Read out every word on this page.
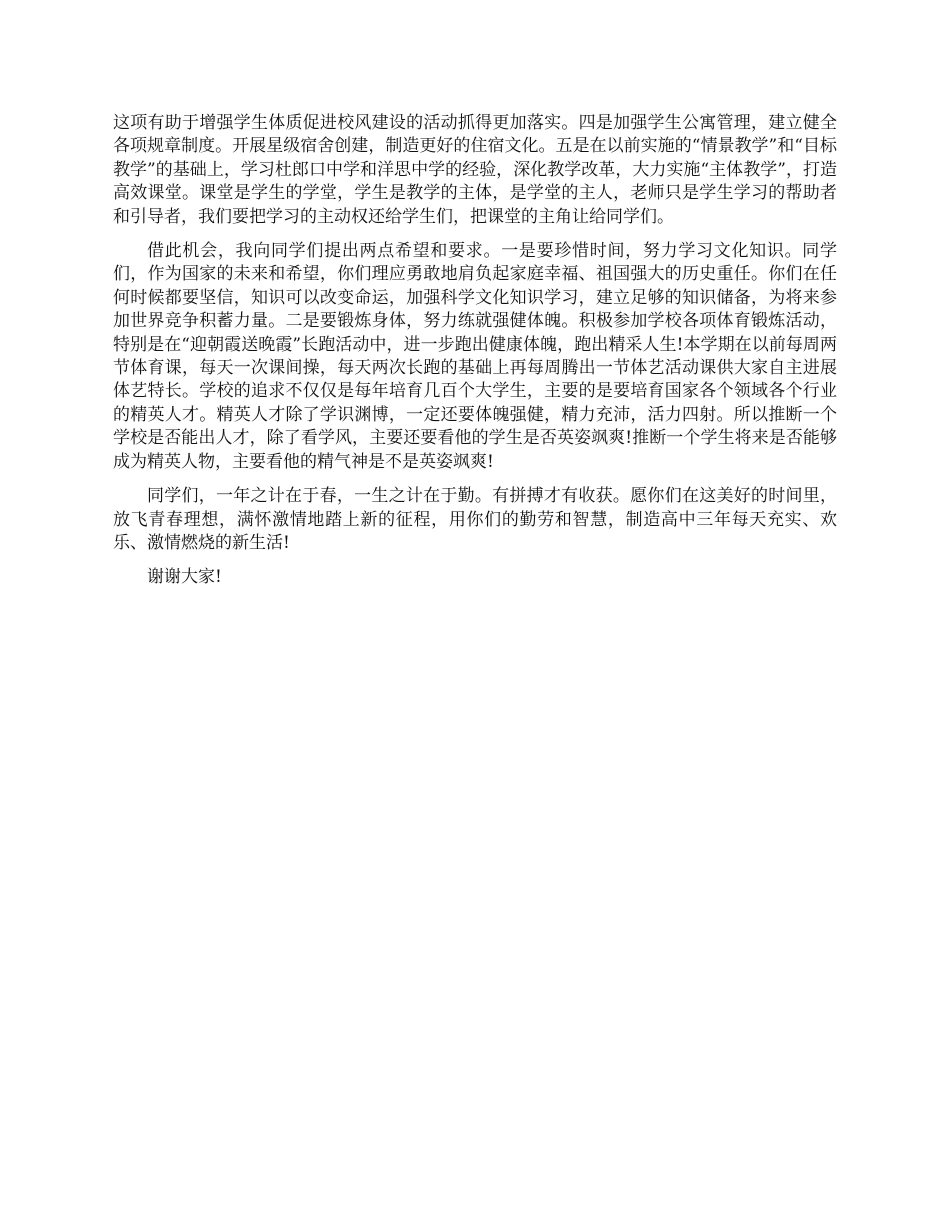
这项有助于增强学生体质促进校风建设的活动抓得更加落实。四是加强学生公寓管理，建立健全各项规章制度。开展星级宿舍创建，制造更好的住宿文化。五是在以前实施的“情景教学”和“目标教学”的基础上，学习杜郎口中学和洋思中学的经验，深化教学改革，大力实施“主体教学”，打造高效课堂。课堂是学生的学堂，学生是教学的主体，是学堂的主人，老师只是学生学习的帮助者和引导者，我们要把学习的主动权还给学生们，把课堂的主角让给同学们。

借此机会，我向同学们提出两点希望和要求。一是要珍惜时间，努力学习文化知识。同学们，作为国家的未来和希望，你们理应勇敢地肩负起家庭幸福、祖国强大的历史重任。你们在任何时候都要坚信，知识可以改变命运，加强科学文化知识学习，建立足够的知识储备，为将来参加世界竞争积蓄力量。二是要锻炼身体，努力练就强健体魄。积极参加学校各项体育锻炼活动，特别是在“迎朝霞送晚霞”长跑活动中，进一步跑出健康体魄，跑出精采人生!本学期在以前每周两节体育课，每天一次课间操，每天两次长跑的基础上再每周腾出一节体艺活动课供大家自主进展体艺特长。学校的追求不仅仅是每年培育几百个大学生，主要的是要培育国家各个领域各个行业的精英人才。精英人才除了学识渊博，一定还要体魄强健，精力充沛，活力四射。所以推断一个学校是否能出人才，除了看学风，主要还要看他的学生是否英姿飒爽!推断一个学生将来是否能够成为精英人物，主要看他的精气神是不是英姿飒爽!

同学们，一年之计在于春，一生之计在于勤。有拼搏才有收获。愿你们在这美好的时间里，放飞青春理想，满怀激情地踏上新的征程，用你们的勤劳和智慧，制造高中三年每天充实、欢乐、激情燃烧的新生活!

谢谢大家!
